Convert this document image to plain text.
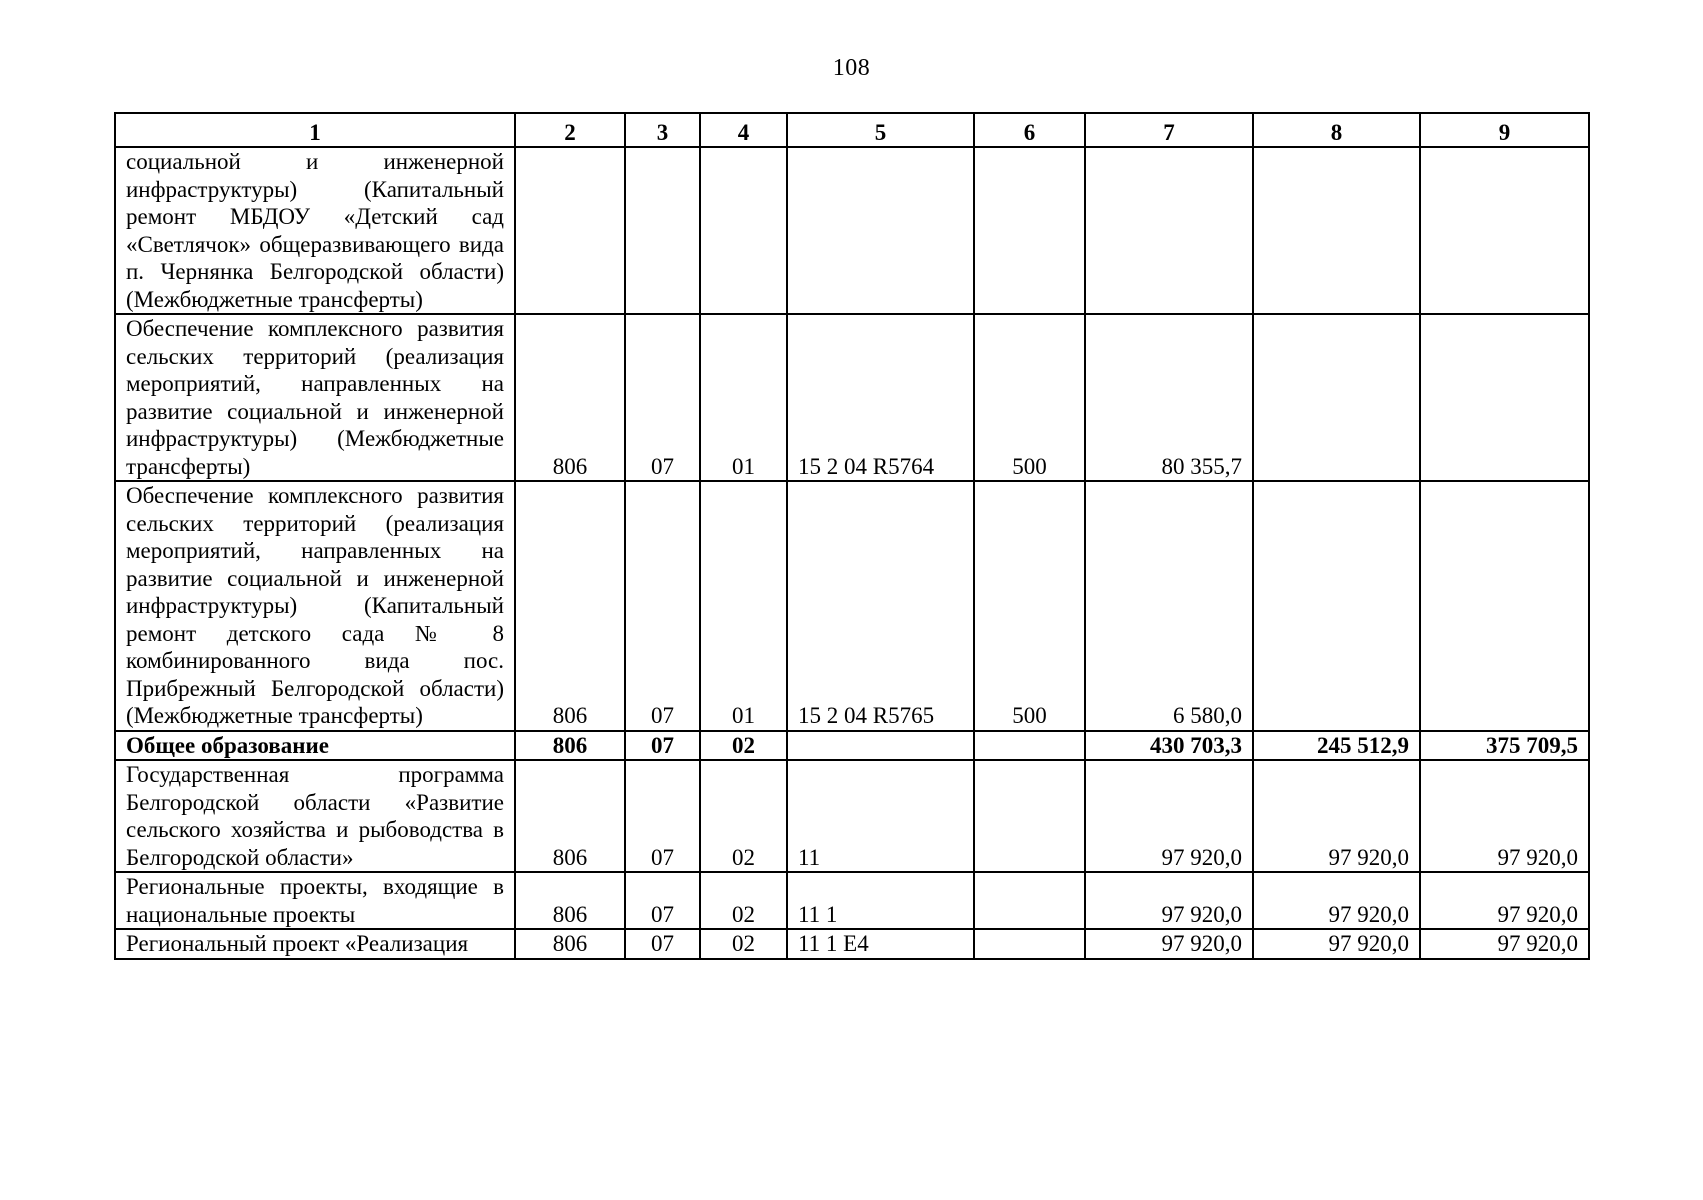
108
1	2	3	4	5	6	7	8	9
социальной и инженерной инфраструктуры) (Капитальный ремонт МБДОУ «Детский сад «Светлячок» общеразвивающего вида п. Чернянка Белгородской области) (Межбюджетные трансферты)								
Обеспечение комплексного развития сельских территорий (реализация мероприятий, направленных на развитие социальной и инженерной инфраструктуры) (Межбюджетные трансферты)	806	07	01	15 2 04 R5764	500	80 355,7		
Обеспечение комплексного развития сельских территорий (реализация мероприятий, направленных на развитие социальной и инженерной инфраструктуры) (Капитальный ремонт детского сада № 8 комбинированного вида пос. Прибрежный Белгородской области) (Межбюджетные трансферты)	806	07	01	15 2 04 R5765	500	6 580,0		
Общее образование	806	07	02			430 703,3	245 512,9	375 709,5
Государственная программа Белгородской области «Развитие сельского хозяйства и рыбоводства в Белгородской области»	806	07	02	11		97 920,0	97 920,0	97 920,0
Региональные проекты, входящие в национальные проекты	806	07	02	11 1		97 920,0	97 920,0	97 920,0
Региональный проект «Реализация	806	07	02	11 1 Е4		97 920,0	97 920,0	97 920,0
